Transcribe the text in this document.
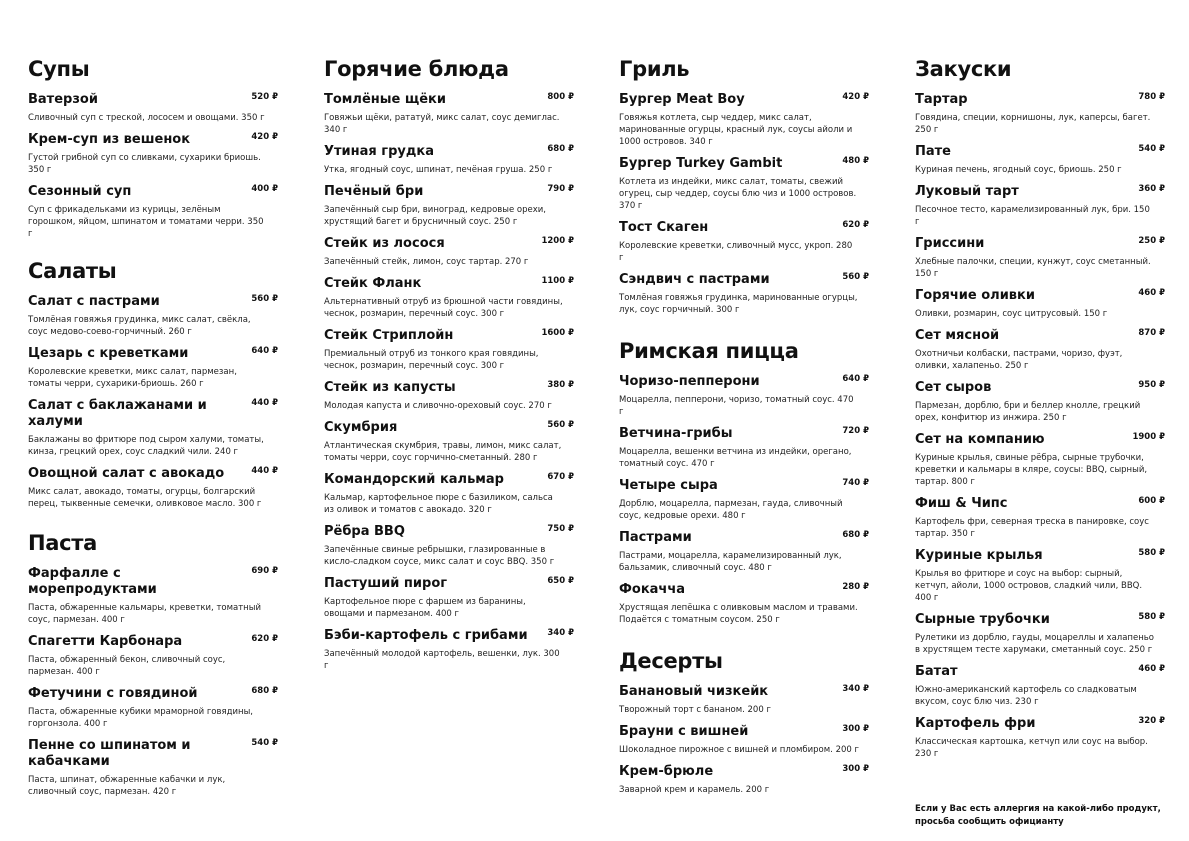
Супы
Ватерзой	520 ₽
Сливочный суп с треской, лососем и овощами. 350 г
Крем-суп из вешенок	420 ₽
Густой грибной суп со сливками, сухарики бриошь. 350 г
Сезонный суп	400 ₽
Суп с фрикадельками из курицы, зелёным горошком, яйцом, шпинатом и томатами черри. 350 г
Салаты
Салат с пастрами	560 ₽
Томлёная говяжья грудинка, микс салат, свёкла, соус медово-соево-горчичный. 260 г
Цезарь с креветками	640 ₽
Королевские креветки, микс салат, пармезан, томаты черри, сухарики-бриошь. 260 г
Салат с баклажанами и халуми
440 ₽
Баклажаны во фритюре под сыром халуми, томаты, кинза, грецкий орех, соус сладкий чили. 240 г
Овощной салат с авокадо	440 ₽
Микс салат, авокадо, томаты, огурцы, болгарский перец, тыквенные семечки, оливковое масло. 300 г
Паста
Фарфалле с морепродуктами
690 ₽
Паста, обжаренные кальмары, креветки, томатный соус, пармезан. 400 г
Спагетти Карбонара	620 ₽
Паста, обжаренный бекон, сливочный соус, пармезан. 400 г
Фетучини с говядиной	680 ₽
Паста, обжаренные кубики мраморной говядины, горгонзола. 400 г
Пенне со шпинатом и кабачками
540 ₽
Паста, шпинат, обжаренные кабачки и лук, сливочный соус, пармезан. 420 г
Горячие блюда
Томлёные щёки	800 ₽
Говяжьи щёки, рататуй, микс салат, соус демиглас. 340 г
Утиная грудка	680 ₽
Утка, ягодный соус, шпинат, печёная груша. 250 г
Печёный бри	790 ₽
Запечённый сыр бри, виноград, кедровые орехи, хрустящий багет и брусничный соус. 250 г
Стейк из лосося	1200 ₽
Запечённый стейк, лимон, соус тартар. 270 г
Стейк Фланк	1100 ₽
Альтернативный отруб из брюшной части говядины, чеснок, розмарин, перечный соус. 300 г
Стейк Стриплойн	1600 ₽
Премиальный отруб из тонкого края говядины, чеснок, розмарин, перечный соус. 300 г
Стейк из капусты	380 ₽
Молодая капуста и сливочно-ореховый соус. 270 г
Скумбрия	560 ₽
Атлантическая скумбрия, травы, лимон, микс салат, томаты черри, соус горчично-сметанный. 280 г
Командорский кальмар	670 ₽
Кальмар, картофельное пюре с базиликом, сальса из оливок и томатов с авокадо. 320 г
Рёбра BBQ	750 ₽
Запечённые свиные ребрышки, глазированные в кисло-сладком соусе, микс салат и соус BBQ. 350 г
Пастуший пирог	650 ₽
Картофельное пюре с фаршем из баранины, овощами и пармезаном. 400 г
Бэби-картофель с грибами	340 ₽
Запечённый молодой картофель, вешенки, лук. 300 г
Гриль
Бургер Meat Boy	420 ₽
Говяжья котлета, сыр чеддер, микс салат, маринованные огурцы, красный лук, соусы айоли и 1000 островов. 340 г
Бургер Turkey Gambit	480 ₽
Котлета из индейки, микс салат, томаты, свежий огурец, сыр чеддер, соусы блю чиз и 1000 островов. 370 г
Тост Скаген	620 ₽
Королевские креветки, сливочный мусс, укроп. 280 г
Сэндвич с пастрами	560 ₽
Томлёная говяжья грудинка, маринованные огурцы, лук, соус горчичный. 300 г
Римская пицца
Чоризо-пепперони	640 ₽
Моцарелла, пепперони, чоризо, томатный соус. 470 г
Ветчина-грибы	720 ₽
Моцарелла, вешенки ветчина из индейки, орегано, томатный соус. 470 г
Четыре сыра	740 ₽
Дорблю, моцарелла, пармезан, гауда, сливочный соус, кедровые орехи. 480 г
Пастрами	680 ₽
Пастрами, моцарелла, карамелизированный лук, бальзамик, сливочный соус. 480 г
Фокачча	280 ₽
Хрустящая лепёшка с оливковым маслом и травами. Подаётся с томатным соусом. 250 г
Десерты
Банановый чизкейк	340 ₽
Творожный торт с бананом. 200 г
Брауни с вишней	300 ₽
Шоколадное пирожное с вишней и пломбиром. 200 г
Крем-брюле	300 ₽
Заварной крем и карамель. 200 г
Закуски
Тартар	780 ₽
Говядина, специи, корнишоны, лук, каперсы, багет. 250 г
Пате	540 ₽
Куриная печень, ягодный соус, бриошь. 250 г
Луковый тарт	360 ₽
Песочное тесто, карамелизированный лук, бри. 150 г
Гриссини	250 ₽
Хлебные палочки, специи, кунжут, соус сметанный. 150 г
Горячие оливки	460 ₽
Оливки, розмарин, соус цитрусовый. 150 г
Сет мясной	870 ₽
Охотничьи колбаски, пастрами, чоризо, фуэт, оливки, халапеньо. 250 г
Сет сыров	950 ₽
Пармезан, дорблю, бри и беллер кнолле, грецкий орех, конфитюр из инжира. 250 г
Сет на компанию	1900 ₽
Куриные крылья, свиные рёбра, сырные трубочки, креветки и кальмары в кляре, соусы: BBQ, сырный, тартар. 800 г
Фиш & Чипс	600 ₽
Картофель фри, северная треска в панировке, соус тартар. 350 г
Куриные крылья	580 ₽
Крылья во фритюре и соус на выбор: сырный, кетчуп, айоли, 1000 островов, сладкий чили, BBQ. 400 г
Сырные трубочки	580 ₽
Рулетики из дорблю, гауды, моцареллы и халапеньо в хрустящем тесте харумаки, сметанный соус. 250 г
Батат	460 ₽
Южно-американский картофель со сладковатым вкусом, соус блю чиз. 230 г
Картофель фри	320 ₽
Классическая картошка, кетчуп или соус на выбор. 230 г
Если у Вас есть аллергия на какой-либо продукт, просьба сообщить официанту
